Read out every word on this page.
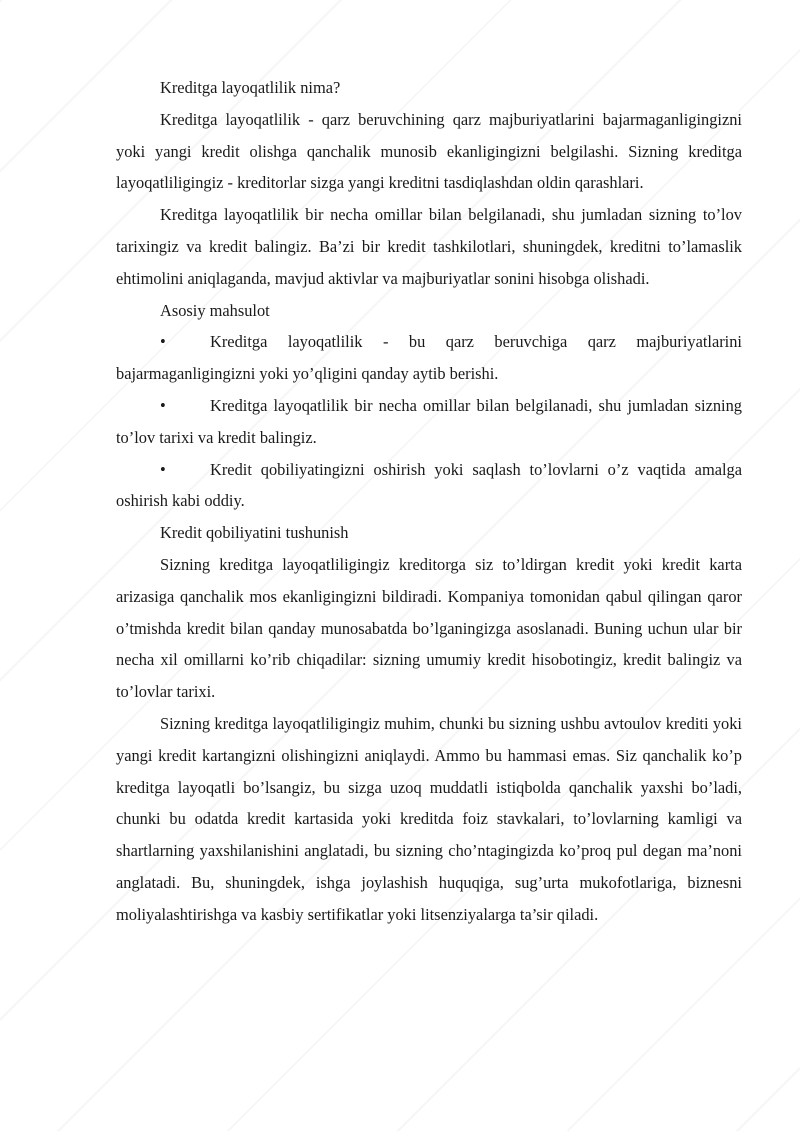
Kreditga layoqatlilik nima?

Kreditga layoqatlilik - qarz beruvchining qarz majburiyatlarini bajarmaganligingizni yoki yangi kredit olishga qanchalik munosib ekanligingizni belgilashi. Sizning kreditga layoqatliligingiz - kreditorlar sizga yangi kreditni tasdiqlashdan oldin qarashlari.

Kreditga layoqatlilik bir necha omillar bilan belgilanadi, shu jumladan sizning to’lov tarixingiz va kredit balingiz. Ba’zi bir kredit tashkilotlari, shuningdek, kreditni to’lamaslik ehtimolini aniqlaganda, mavjud aktivlar va majburiyatlar sonini hisobga olishadi.

Asosiy mahsulot

•	Kreditga layoqatlilik - bu qarz beruvchiga qarz majburiyatlarini bajarmaganligingizni yoki yo’qligini qanday aytib berishi.

•	Kreditga layoqatlilik bir necha omillar bilan belgilanadi, shu jumladan sizning to’lov tarixi va kredit balingiz.

•	Kredit qobiliyatingizni oshirish yoki saqlash to’lovlarni o’z vaqtida amalga oshirish kabi oddiy.

Kredit qobiliyatini tushunish

Sizning kreditga layoqatliligingiz kreditorga siz to’ldirgan kredit yoki kredit karta arizasiga qanchalik mos ekanligingizni bildiradi. Kompaniya tomonidan qabul qilingan qaror o’tmishda kredit bilan qanday munosabatda bo’lganingizga asoslanadi. Buning uchun ular bir necha xil omillarni ko’rib chiqadilar: sizning umumiy kredit hisobotingiz, kredit balingiz va to’lovlar tarixi.

Sizning kreditga layoqatliligingiz muhim, chunki bu sizning ushbu avtoulov krediti yoki yangi kredit kartangizni olishingizni aniqlaydi. Ammo bu hammasi emas. Siz qanchalik ko’p kreditga layoqatli bo’lsangiz, bu sizga uzoq muddatli istiqbolda qanchalik yaxshi bo’ladi, chunki bu odatda kredit kartasida yoki kreditda foiz stavkalari, to’lovlarning kamligi va shartlarning yaxshilanishini anglatadi, bu sizning cho’ntagingizda ko’proq pul degan ma’noni anglatadi. Bu, shuningdek, ishga joylashish huquqiga, sug’urta mukofotlariga, biznesni moliyalashtirishga va kasbiy sertifikatlar yoki litsenziyalarga ta’sir qiladi.
